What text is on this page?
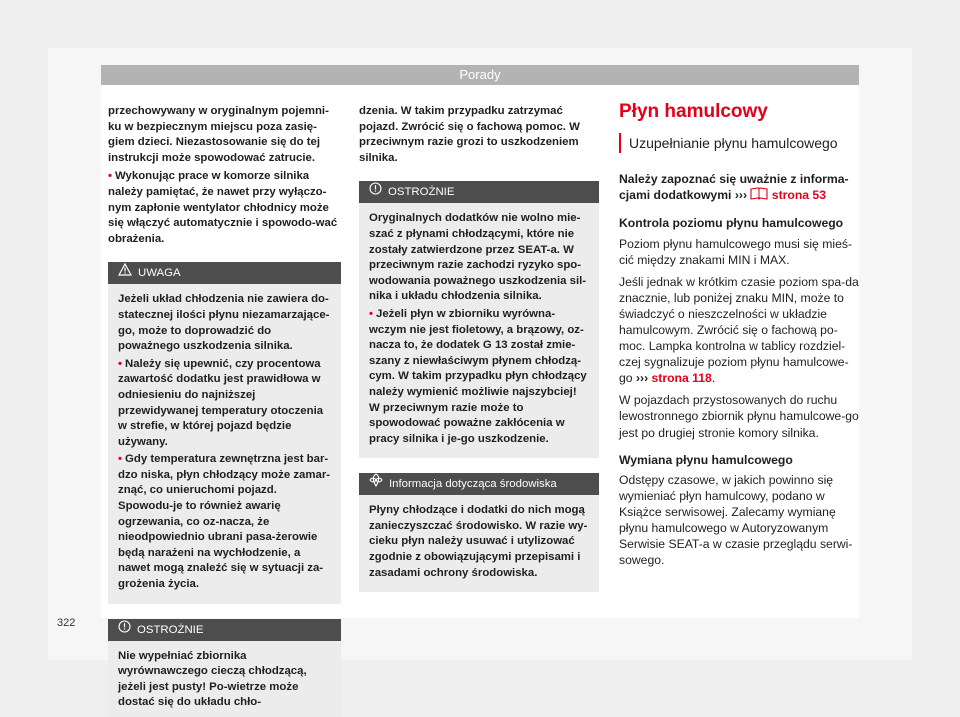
Porady

przechowywany w oryginalnym pojemni-ku w bezpiecznym miejscu poza zasię-giem dzieci. Niezastosowanie się do tej instrukcji może spowodować zatrucie.

• Wykonując prace w komorze silnika należy pamiętać, że nawet przy wyłączo-nym zapłonie wentylator chłodnicy może się włączyć automatycznie i spowodo-wać obrażenia.

UWAGA

Jeżeli układ chłodzenia nie zawiera do-statecznej ilości płynu niezamarzające-go, może to doprowadzić do poważnego uszkodzenia silnika.

• Należy się upewnić, czy procentowa zawartość dodatku jest prawidłowa w odniesieniu do najniższej przewidywanej temperatury otoczenia w strefie, w której pojazd będzie używany.

• Gdy temperatura zewnętrzna jest bar-dzo niska, płyn chłodzący może zamar-znąć, co unieruchomi pojazd. Spowodu-je to również awarię ogrzewania, co oz-nacza, że nieodpowiednio ubrani pasa-żerowie będą narażeni na wychłodzenie, a nawet mogą znaleźć się w sytuacji za-grożenia życia.

OSTROŻNIE

Nie wypełniać zbiornika wyrównawczego cieczą chłodzącą, jeżeli jest pusty! Po-wietrze może dostać się do układu chło-

dzenia. W takim przypadku zatrzymać pojazd. Zwrócić się o fachową pomoc. W przeciwnym razie grozi to uszkodzeniem silnika.

OSTROŻNIE

Oryginalnych dodatków nie wolno mie-szać z płynami chłodzącymi, które nie zostały zatwierdzone przez SEAT-a. W przeciwnym razie zachodzi ryzyko spo-wodowania poważnego uszkodzenia sil-nika i układu chłodzenia silnika.

• Jeżeli płyn w zbiorniku wyrówna-wczym nie jest fioletowy, a brązowy, oz-nacza to, że dodatek G 13 został zmie-szany z niewłaściwym płynem chłodzą-cym. W takim przypadku płyn chłodzący należy wymienić możliwie najszybciej! W przeciwnym razie może to spowodować poważne zakłócenia w pracy silnika i je-go uszkodzenie.

Informacja dotycząca środowiska

Płyny chłodzące i dodatki do nich mogą zanieczyszczać środowisko. W razie wy-cieku płyn należy usuwać i utylizować zgodnie z obowiązującymi przepisami i zasadami ochrony środowiska.

Płyn hamulcowy
Uzupełnianie płynu hamulcowego

Należy zapoznać się uważnie z informa-cjami dodatkowymi ››› strona 53

Kontrola poziomu płynu hamulcowego

Poziom płynu hamulcowego musi się mieś-cić między znakami MIN i MAX.

Jeśli jednak w krótkim czasie poziom spa-da znacznie, lub poniżej znaku MIN, może to świadczyć o nieszczelności w układzie hamulcowym. Zwrócić się o fachową po-moc. Lampka kontrolna w tablicy rozdziel-czej sygnalizuje poziom płynu hamulcowe-go ››› strona 118.

W pojazdach przystosowanych do ruchu lewostronnego zbiornik płynu hamulcowe-go jest po drugiej stronie komory silnika.

Wymiana płynu hamulcowego

Odstępy czasowe, w jakich powinno się wymieniać płyn hamulcowy, podano w Książce serwisowej. Zalecamy wymianę płynu hamulcowego w Autoryzowanym Serwisie SEAT-a w czasie przeglądu serwi-sowego.

322
